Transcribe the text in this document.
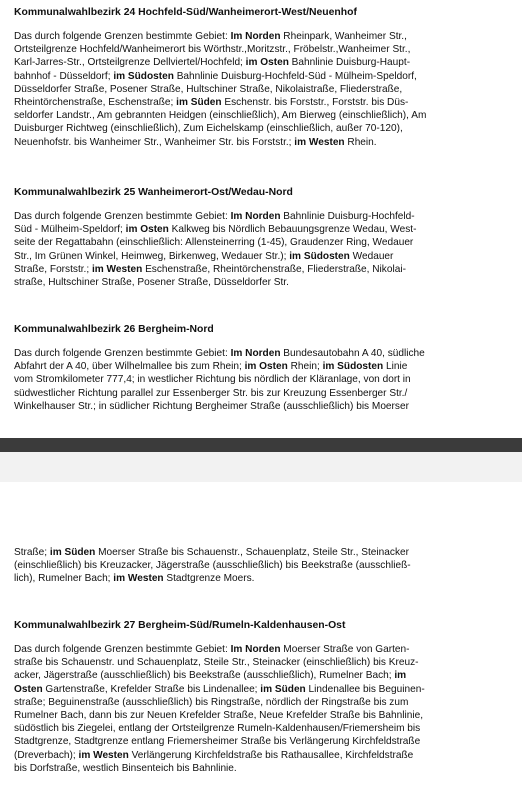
Kommunalwahlbezirk 24 Hochfeld-Süd/Wanheimerort-West/Neuenhof
Das durch folgende Grenzen bestimmte Gebiet: Im Norden Rheinpark, Wanheimer Str.,
Ortsteilgrenze Hochfeld/Wanheimerort bis Wörthstr.,Moritzstr., Fröbelstr.,Wanheimer Str.,
Karl-Jarres-Str., Ortsteilgrenze Dellviertel/Hochfeld; im Osten Bahnlinie Duisburg-Haupt-
bahnhof - Düsseldorf; im Südosten Bahnlinie Duisburg-Hochfeld-Süd - Mülheim-Speldorf,
Düsseldorfer Straße, Posener Straße, Hultschiner Straße, Nikolaistraße, Fliederstraße,
Rheintörchenstraße, Eschenstraße; im Süden Eschenstr. bis Forststr., Forststr. bis Düs-
seldorfer Landstr., Am gebrannten Heidgen (einschließlich), Am Bierweg (einschließlich), Am
Duisburger Richtweg (einschließlich), Zum Eichelskamp (einschließlich, außer 70-120),
Neuenhofstr. bis Wanheimer Str., Wanheimer Str. bis Forststr.; im Westen Rhein.
Kommunalwahlbezirk 25 Wanheimerort-Ost/Wedau-Nord
Das durch folgende Grenzen bestimmte Gebiet: Im Norden Bahnlinie Duisburg-Hochfeld-
Süd - Mülheim-Speldorf; im Osten Kalkweg bis Nördlich Bebauungsgrenze Wedau, West-
seite der Regattabahn (einschließlich: Allensteinerring (1-45), Graudenzer Ring, Wedauer
Str., Im Grünen Winkel, Heimweg, Birkenweg, Wedauer Str.); im Südosten Wedauer
Straße, Forststr.; im Westen Eschenstraße, Rheintörchenstraße, Fliederstraße, Nikolai-
straße, Hultschiner Straße, Posener Straße, Düsseldorfer Str.
Kommunalwahlbezirk 26 Bergheim-Nord
Das durch folgende Grenzen bestimmte Gebiet: Im Norden Bundesautobahn A 40, südliche
Abfahrt der A 40, über Wilhelmallee bis zum Rhein; im Osten Rhein; im Südosten Linie
vom Stromkilometer 777,4; in westlicher Richtung bis nördlich der Kläranlage, von dort in
südwestlicher Richtung parallel zur Essenberger Str. bis zur Kreuzung Essenberger Str./
Winkelhauser Str.; in südlicher Richtung Bergheimer Straße (ausschließlich) bis Moerser
Straße; im Süden Moerser Straße bis Schauenstr., Schauenplatz, Steile Str., Steinacker
(einschließlich) bis Kreuzacker, Jägerstraße (ausschließlich) bis Beekstraße (ausschließ-
lich), Rumelner Bach; im Westen Stadtgrenze Moers.
Kommunalwahlbezirk 27 Bergheim-Süd/Rumeln-Kaldenhausen-Ost
Das durch folgende Grenzen bestimmte Gebiet: Im Norden Moerser Straße von Garten-
straße bis Schauenstr. und Schauenplatz, Steile Str., Steinacker (einschließlich) bis Kreuz-
acker, Jägerstraße (ausschließlich) bis Beekstraße (ausschließlich), Rumelner Bach; im
Osten Gartenstraße, Krefelder Straße bis Lindenallee; im Süden Lindenallee bis Beguinen-
straße; Beguinenstraße (ausschließlich) bis Ringstraße, nördlich der Ringstraße bis zum
Rumelner Bach, dann bis zur Neuen Krefelder Straße, Neue Krefelder Straße bis Bahnlinie,
südöstlich bis Ziegelei, entlang der Ortsteilgrenze Rumeln-Kaldenhausen/Friemersheim bis
Stadtgrenze, Stadtgrenze entlang Friemersheimer Straße bis Verlängerung Kirchfeldstraße
(Dreverbach); im Westen Verlängerung Kirchfeldstraße bis Rathausallee, Kirchfeldstraße
bis Dorfstraße, westlich Binsenteich bis Bahnlinie.
